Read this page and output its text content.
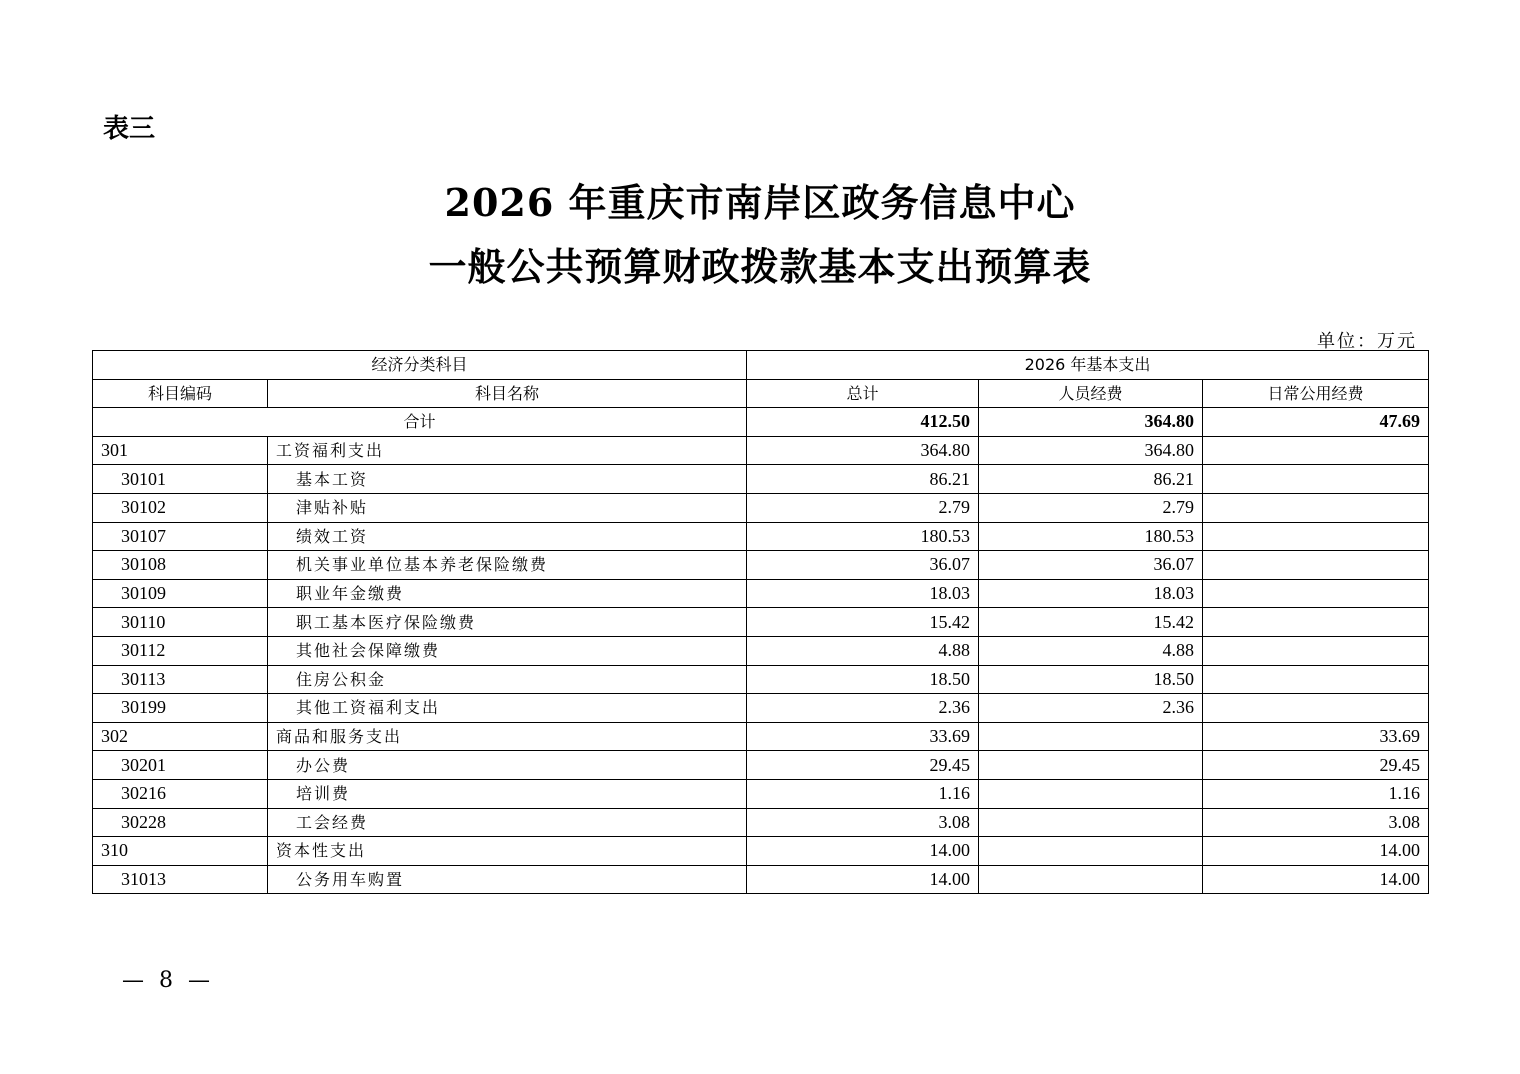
表三
2026 年重庆市南岸区政务信息中心
一般公共预算财政拨款基本支出预算表
单位：万元
经济分类科目		2026 年基本支出		
科目编码	科目名称	总计	人员经费	日常公用经费
合计		412.50	364.80	47.69
301	工资福利支出	364.80	364.80	
30101	基本工资	86.21	86.21	
30102	津贴补贴	2.79	2.79	
30107	绩效工资	180.53	180.53	
30108	机关事业单位基本养老保险缴费	36.07	36.07	
30109	职业年金缴费	18.03	18.03	
30110	职工基本医疗保险缴费	15.42	15.42	
30112	其他社会保障缴费	4.88	4.88	
30113	住房公积金	18.50	18.50	
30199	其他工资福利支出	2.36	2.36	
302	商品和服务支出	33.69		33.69
30201	办公费	29.45		29.45
30216	培训费	1.16		1.16
30228	工会经费	3.08		3.08
310	资本性支出	14.00		14.00
31013	公务用车购置	14.00		14.00
— 8 —
